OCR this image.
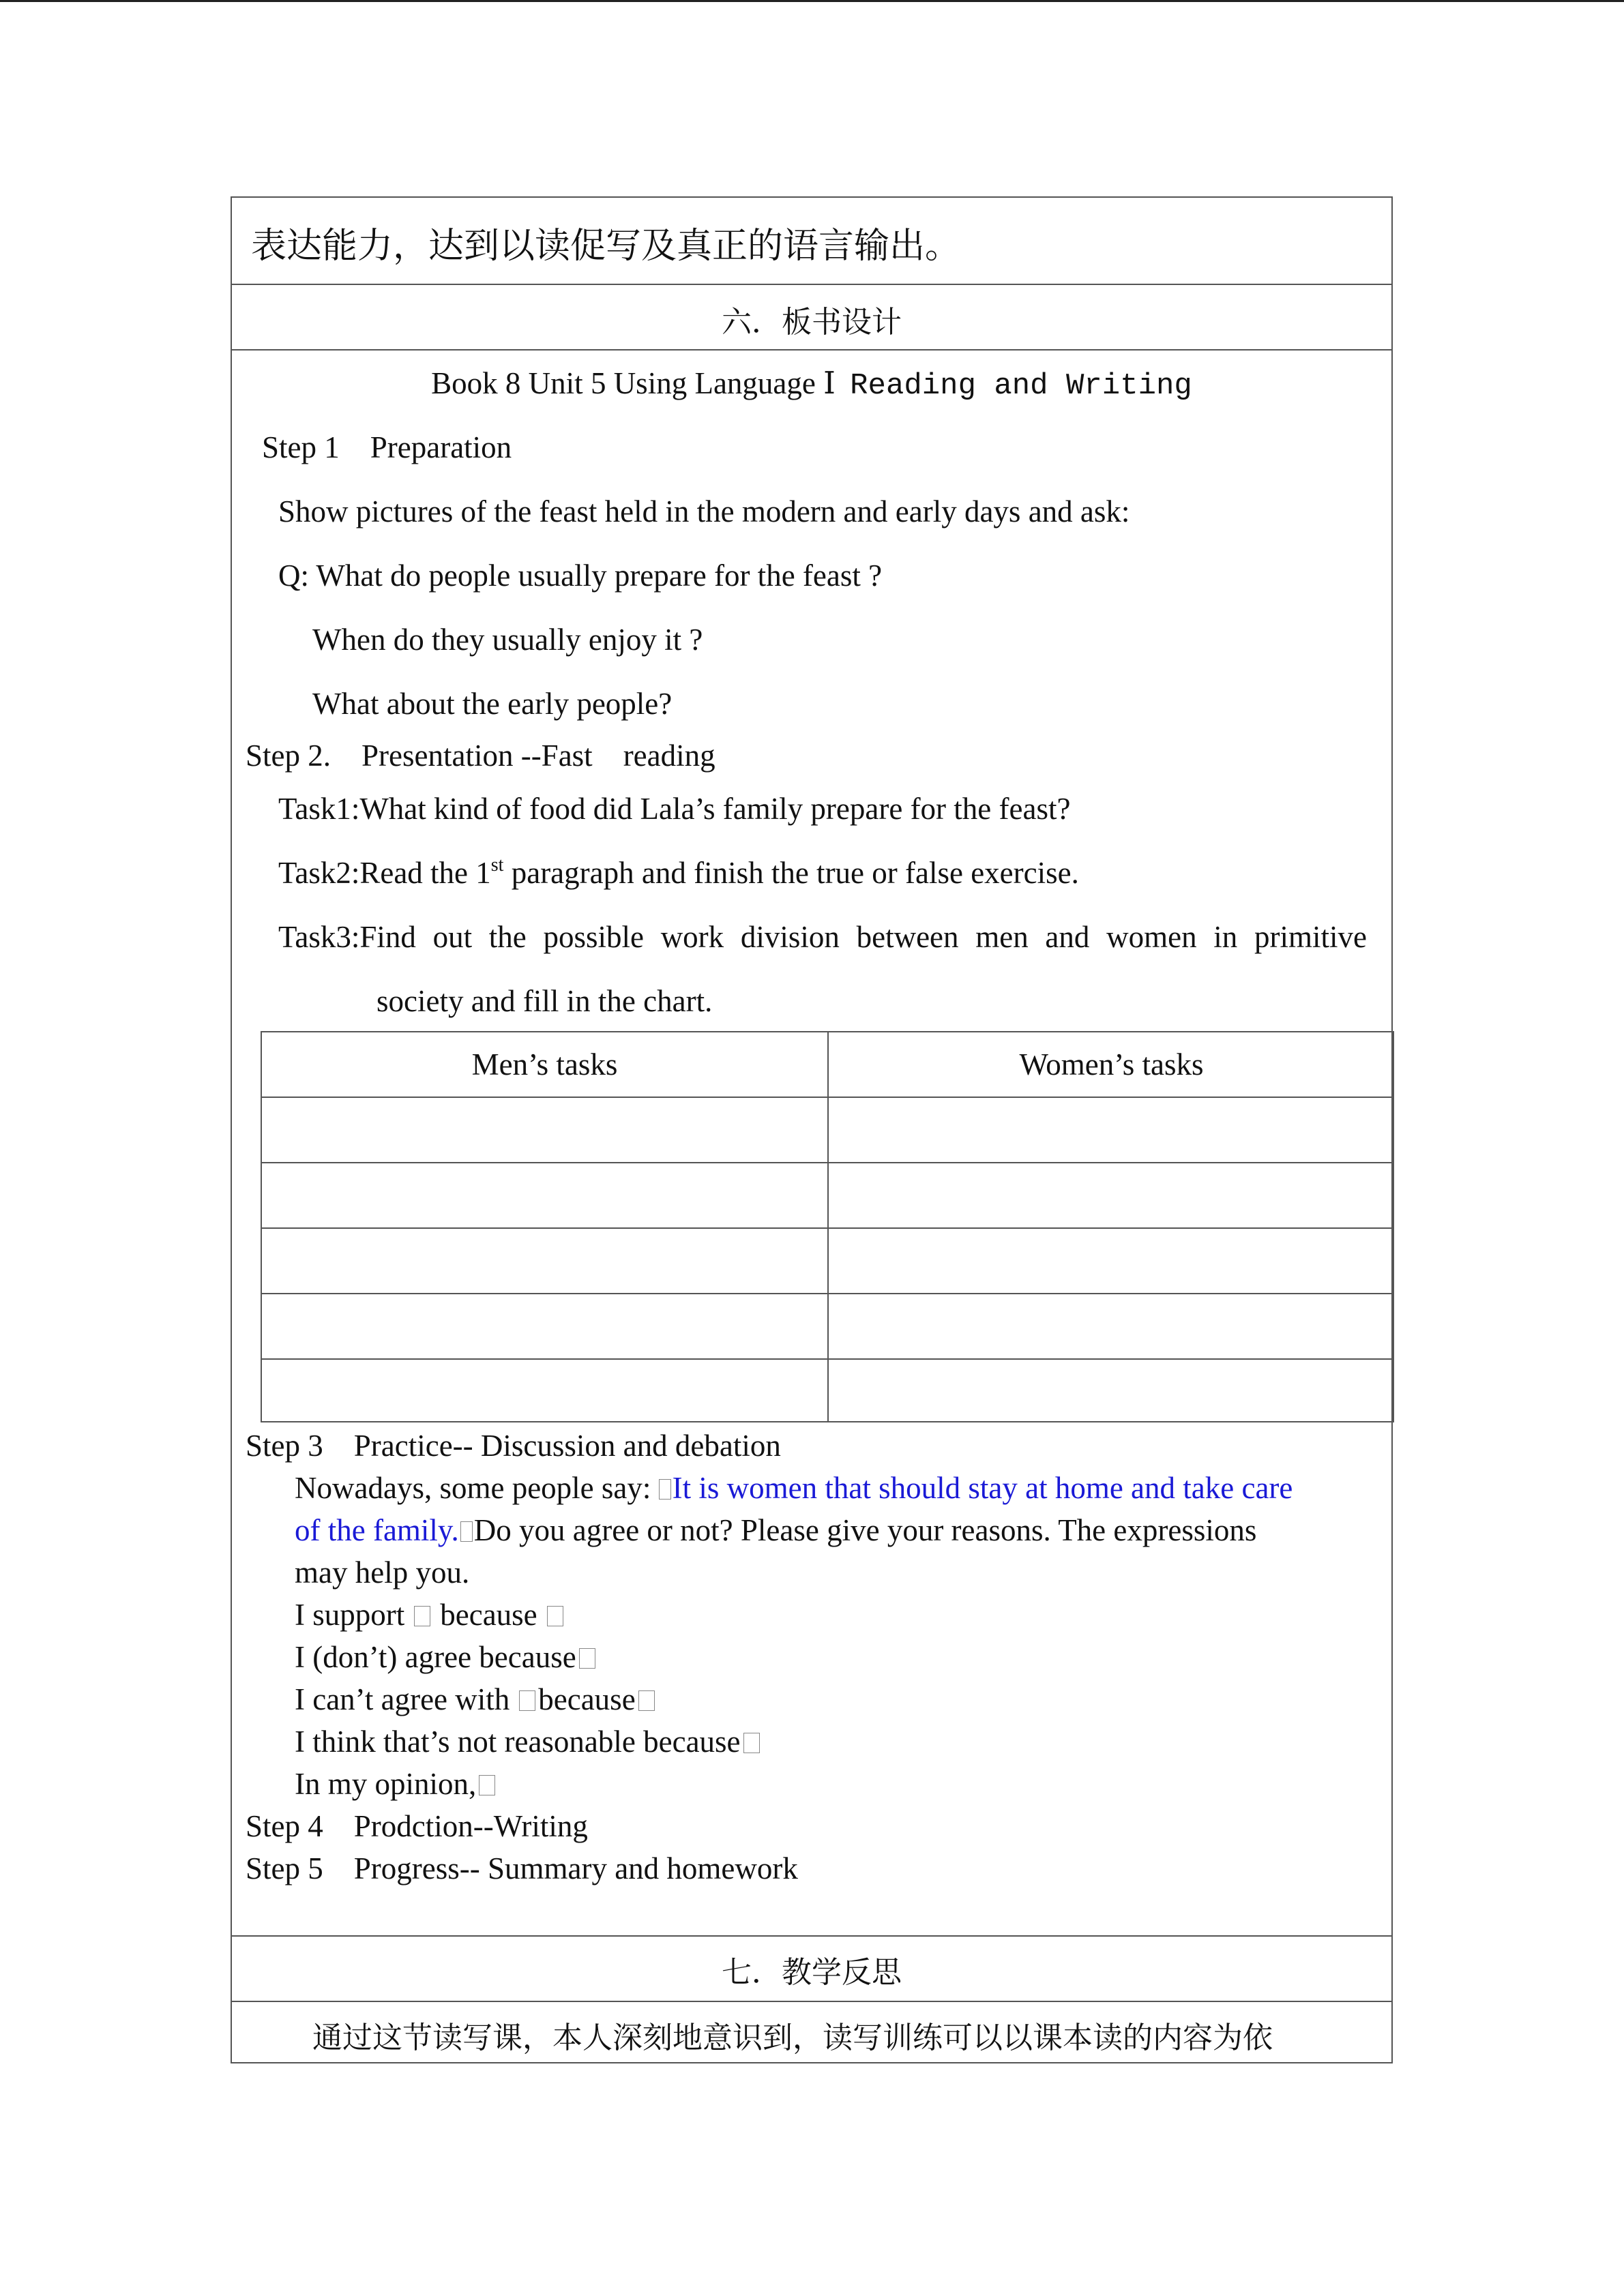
表达能力，达到以读促写及真正的语言输出。
六．板书设计
Book 8 Unit 5 Using Language Ⅰ Reading and Writing
Step 1    Preparation
Show pictures of the feast held in the modern and early days and ask:
Q: What do people usually prepare for the feast ?
When do they usually enjoy it ?
What about the early people?
Step 2.    Presentation --Fast    reading
Task1:What kind of food did Lala’s family prepare for the feast?
Task2:Read the 1st paragraph and finish the true or false exercise.
Task3:Find out the possible work division between men and women in primitive
society and fill in the chart.
Men’s tasks	Women’s tasks
Step 3    Practice-- Discussion and debation
Nowadays, some people say: It is women that should stay at home and take care
of the family. Do you agree or not? Please give your reasons. The expressions
may help you.
I support because
I (don’t) agree because
I can’t agree with because
I think that’s not reasonable because
In my opinion,
Step 4    Prodction--Writing
Step 5    Progress-- Summary and homework
七．教学反思
通过这节读写课，本人深刻地意识到，读写训练可以以课本读的内容为依
